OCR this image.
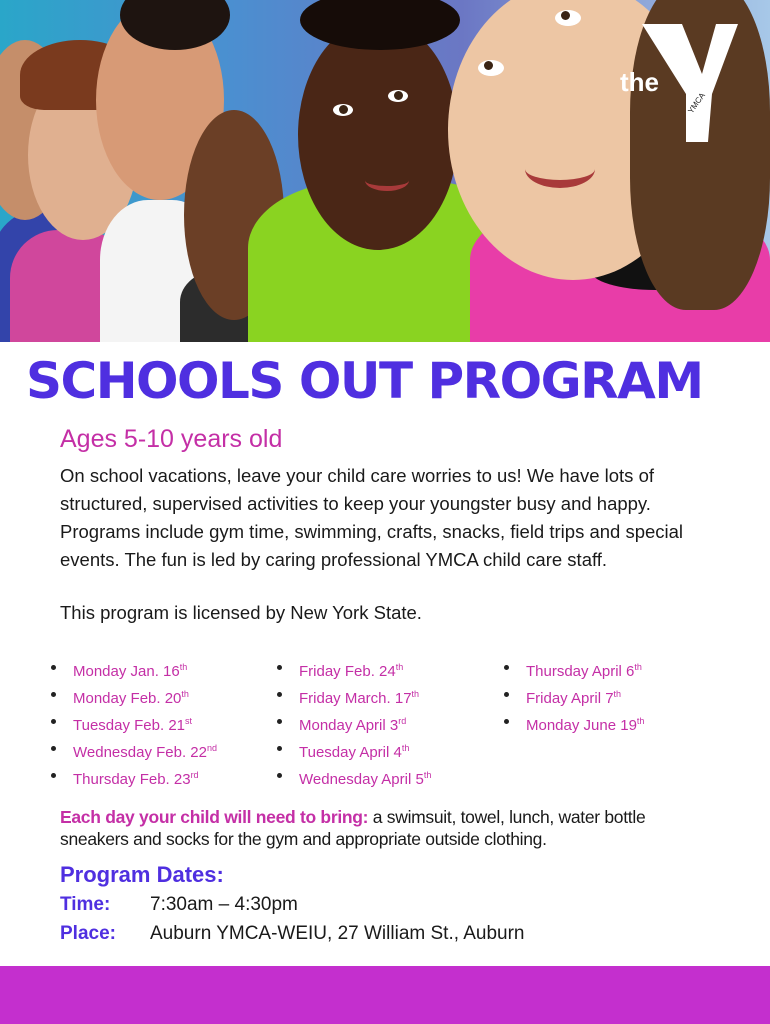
YMCA
the
SCHOOLS OUT PROGRAM
Ages 5-10 years old
On school vacations, leave your child care worries to us! We have lots of structured, supervised activities to keep your youngster busy and happy. Programs include gym time, swimming, crafts, snacks, field trips and special events. The fun is led by caring professional YMCA child care staff.
This program is licensed by New York State.
Monday Jan. 16th
Monday Feb. 20th
Tuesday Feb. 21st
Wednesday Feb. 22nd
Thursday Feb. 23rd
Friday Feb. 24th
Friday March. 17th
Monday April 3rd
Tuesday April 4th
Wednesday April 5th
Thursday April 6th
Friday April 7th
Monday June 19th
Each day your child will need to bring: a swimsuit, towel, lunch, water bottle sneakers and socks for the gym and appropriate outside clothing.
Program Dates:
Time: 7:30am – 4:30pm
Place: Auburn YMCA-WEIU, 27 William St., Auburn
